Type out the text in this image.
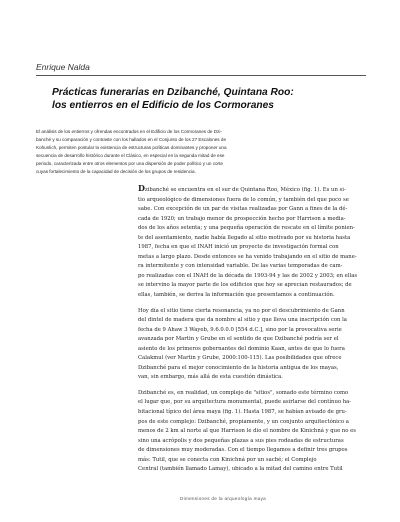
Enrique Nalda
Prácticas funerarias en Dzibanché, Quintana Roo:
los entierros en el Edificio de los Cormoranes
El análisis de los entierros y ofrendas encontrados en el Edificio de los Cormoranes de Dzi-
banché y su comparación y contraste con los hallados en el Conjunto de los 27 Escalones de
Kohunlich, permiten postular la existencia de estructuras políticas dominantes y proponer una
secuencia de desarrollo histórico durante el Clásico, en especial en la segunda mitad de ese
periodo, caracterizada entre otros elementos por una dispersión de poder político y un corte
cuyas fortalecimiento de la capacidad de decisión de los grupos de residencia.
Dzibanché se encuentra en el sur de Quintana Roo, México (fig. 1). Es un si-
tio arqueológico de dimensiones fuera de lo común, y también del que poco se
sabe. Con excepción de un par de visitas realizadas por Gann a fines de la dé-
cada de 1920; un trabajo menor de prospección hecho por Harrison a media-
dos de los años setenta; y una pequeña operación de rescate en el límite ponien-
te del asentamiento, nadie había llegado al sitio motivado por su historia hasta
1987, fecha en que el INAH inició un proyecto de investigación formal con
metas a largo plazo. Desde entonces se ha venido trabajando en el sitio de mane-
ra intermitente y con intensidad variable. De las varias temporadas de cam-
po realizadas con el INAH de la década de 1993-94 y las de 2002 y 2003; en ellas
se intervino la mayor parte de los edificios que hoy se aprecian restaurados; de
ellas, también, se deriva la información que presentamos a continuación.
Hoy día el sitio tiene cierta resonancia, ya no por el descubrimiento de Gann
del dintel de madera que da nombre al sitio y que lleva una inscripción con la
fecha de 9 Ahaw 3 Wayeb, 9.6.0.0.0 [554 d.C.], sino por la provocativa serie
avanzada por Martin y Grube en el sentido de que Dzibanché podría ser el
asiento de los primeros gobernantes del dominio Kaan, antes de que lo fuera
Calakmul (ver Martin y Grube, 2000:100-115). Las posibilidades que ofrece
Dzibanché para el mejor conocimiento de la historia antigua de los mayas,
van, sin embargo, más allá de esta cuestión dinástica.
Dzibanché es, en realidad, un complejo de "sitios", somado este término como
el lugar que, por su arquitectura monumental, puede asirlarse del contínuo ha-
bitacional típico del área maya (fig. 1). Hasta 1987, se habían avisado de gru-
pos de este complejo: Dzibanché, propiamente, y un conjunto arquitectónico a
menos de 2 km al norte al que Harrison le dio el nombre de Kinichná y que no es
sino una acrópolis y dos pequeñas plazas a sus pies rodeadas de estructuras
de dimensiones muy moderadas. Con el tiempo llegamos a definir tres grupos
más: Tutil, que se conecta con Kinichná por un sacbé; el Complejo
Central (también llamado Lamay), ubicado a la mitad del camino entre Tutil
Dimensiones de la arqueología maya
